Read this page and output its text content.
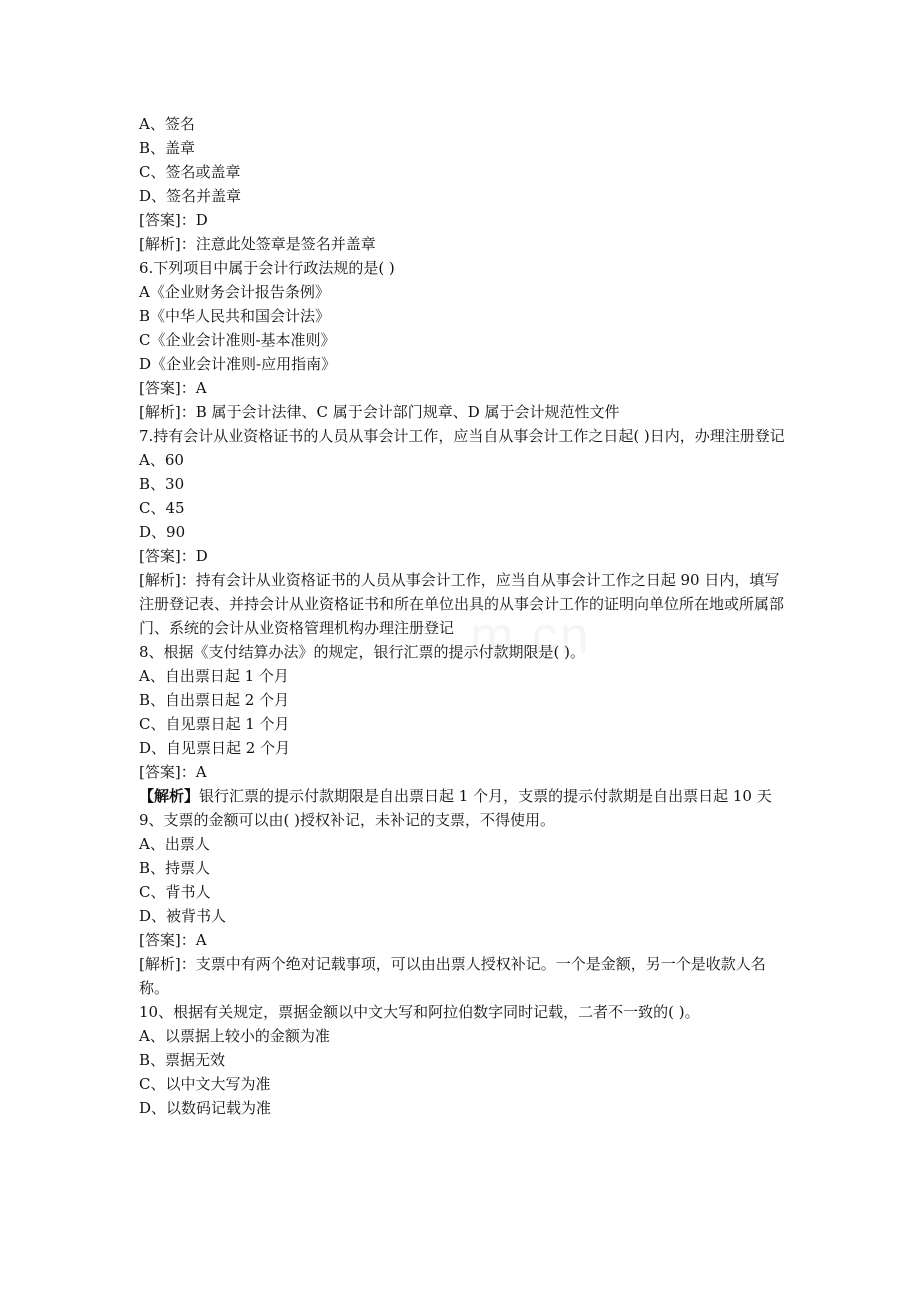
m.cn
A、签名
B、盖章
C、签名或盖章
D、签名并盖章
[答案]：D
[解析]：注意此处签章是签名并盖章
6.下列项目中属于会计行政法规的是( )
A《企业财务会计报告条例》
B《中华人民共和国会计法》
C《企业会计准则-基本准则》
D《企业会计准则-应用指南》
[答案]：A
[解析]：B 属于会计法律、C 属于会计部门规章、D 属于会计规范性文件
7.持有会计从业资格证书的人员从事会计工作，应当自从事会计工作之日起( )日内，办理注册登记
A、60
B、30
C、45
D、90
[答案]：D
[解析]：持有会计从业资格证书的人员从事会计工作，应当自从事会计工作之日起 90 日内，填写注册登记表、并持会计从业资格证书和所在单位出具的从事会计工作的证明向单位所在地或所属部门、系统的会计从业资格管理机构办理注册登记
8、根据《支付结算办法》的规定，银行汇票的提示付款期限是( )。
A、自出票日起 1 个月
B、自出票日起 2 个月
C、自见票日起 1 个月
D、自见票日起 2 个月
[答案]：A
【解析】银行汇票的提示付款期限是自出票日起 1 个月，支票的提示付款期是自出票日起 10 天
9、支票的金额可以由( )授权补记，未补记的支票，不得使用。
A、出票人
B、持票人
C、背书人
D、被背书人
[答案]：A
[解析]：支票中有两个绝对记载事项，可以由出票人授权补记。一个是金额，另一个是收款人名称。
10、根据有关规定，票据金额以中文大写和阿拉伯数字同时记载，二者不一致的( )。
A、以票据上较小的金额为准
B、票据无效
C、以中文大写为准
D、以数码记载为准
